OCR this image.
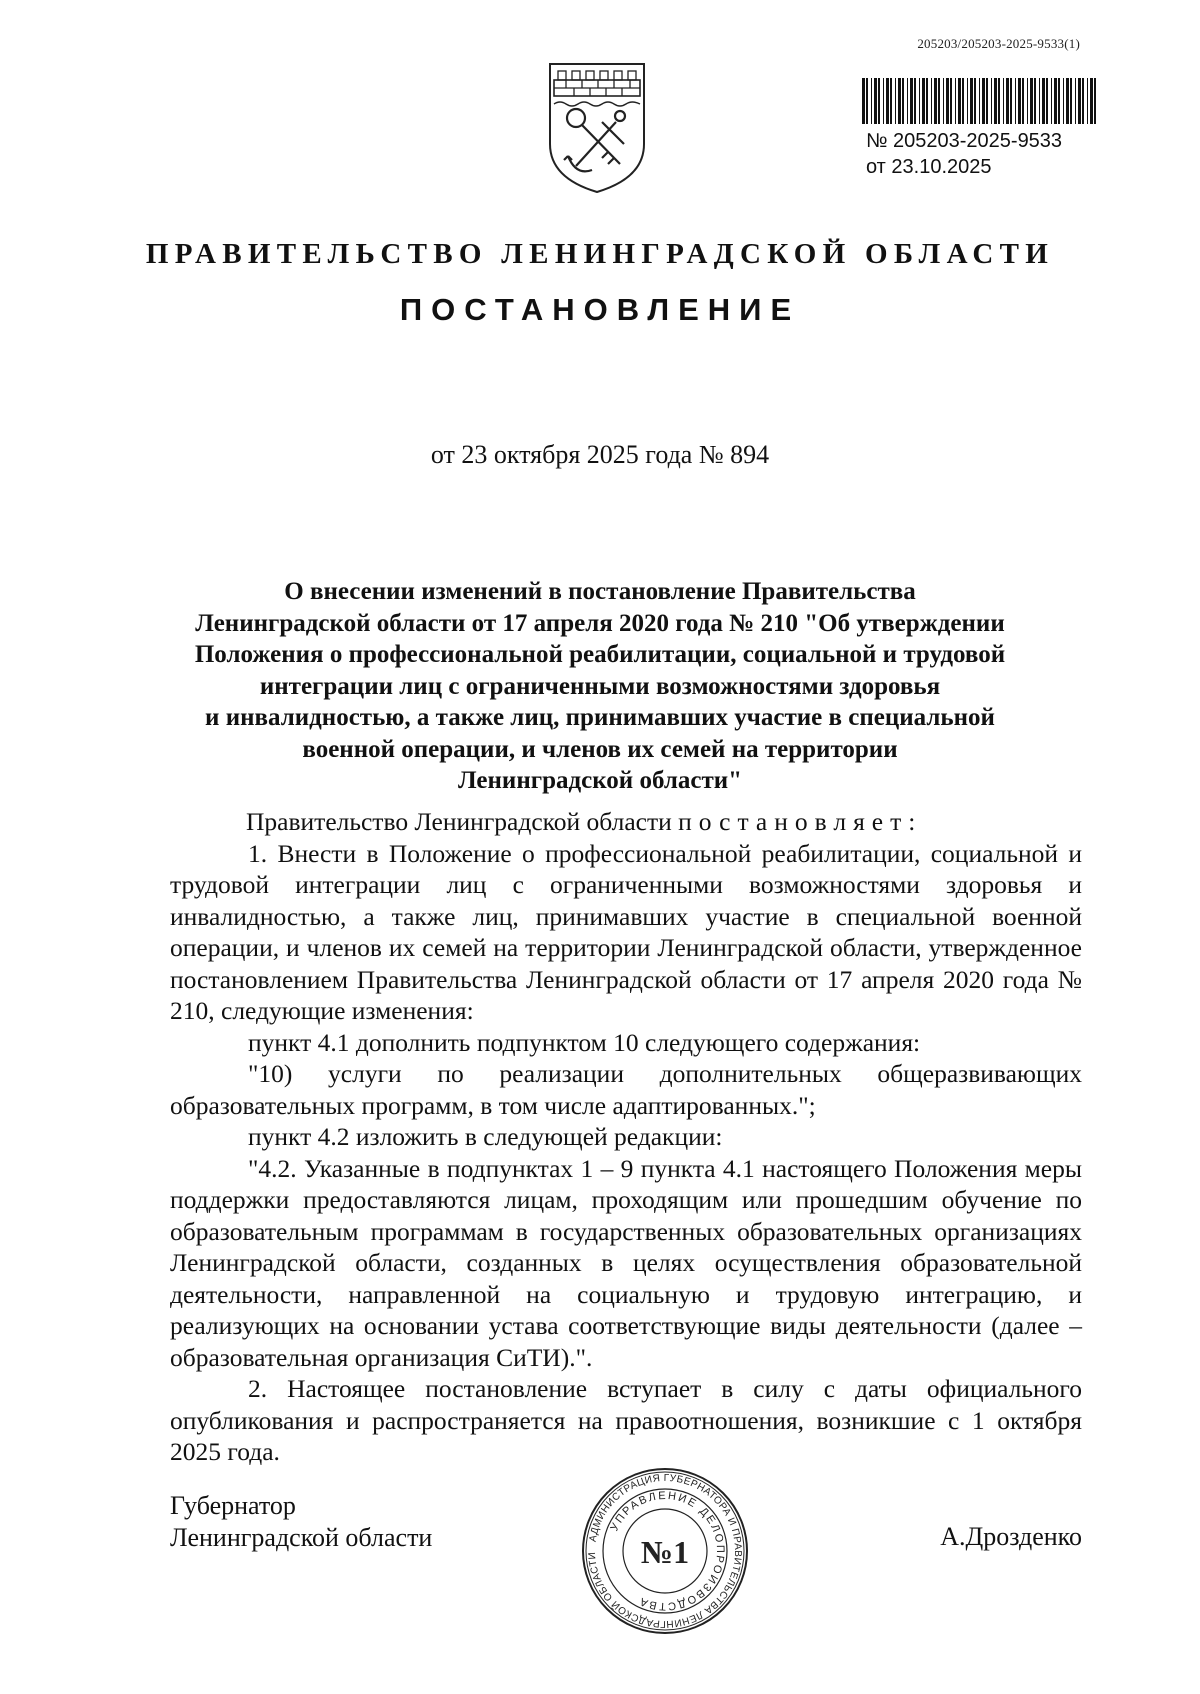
205203/205203-2025-9533(1)
№ 205203-2025-9533
от 23.10.2025
ПРАВИТЕЛЬСТВО ЛЕНИНГРАДСКОЙ ОБЛАСТИ
ПОСТАНОВЛЕНИЕ
от 23 октября 2025 года № 894
О внесении изменений в постановление Правительства
Ленинградской области от 17 апреля 2020 года № 210 "Об утверждении
Положения о профессиональной реабилитации, социальной и трудовой
интеграции лиц с ограниченными возможностями здоровья
и инвалидностью, а также лиц, принимавших участие в специальной
военной операции, и членов их семей на территории
Ленинградской области"

Правительство Ленинградской области постановляет:

1. Внести в Положение о профессиональной реабилитации, социальной и трудовой интеграции лиц с ограниченными возможностями здоровья и инвалидностью, а также лиц, принимавших участие в специальной военной операции, и членов их семей на территории Ленинградской области, утвержденное постановлением Правительства Ленинградской области от 17 апреля 2020 года № 210, следующие изменения:

пункт 4.1 дополнить подпунктом 10 следующего содержания:

"10) услуги по реализации дополнительных общеразвивающих образовательных программ, в том числе адаптированных.";

пункт 4.2 изложить в следующей редакции:

"4.2. Указанные в подпунктах 1 – 9 пункта 4.1 настоящего Положения меры поддержки предоставляются лицам, проходящим или прошедшим обучение по образовательным программам в государственных образовательных организациях Ленинградской области, созданных в целях осуществления образовательной деятельности, направленной на социальную и трудовую интеграцию, и реализующих на основании устава соответствующие виды деятельности (далее – образовательная организация СиТИ).".

2. Настоящее постановление вступает в силу с даты официального опубликования и распространяется на правоотношения, возникшие с 1 октября 2025 года.

Губернатор
Ленинградской области	АДМИНИСТРАЦИЯ ГУБЕРНАТОРА И ПРАВИТЕЛЬСТВА ЛЕНИНГРАДСКОЙ ОБЛАСТИ
УПРАВЛЕНИЕ ДЕЛОПРОИЗВОДСТВА
№1	А.Дрозденко
